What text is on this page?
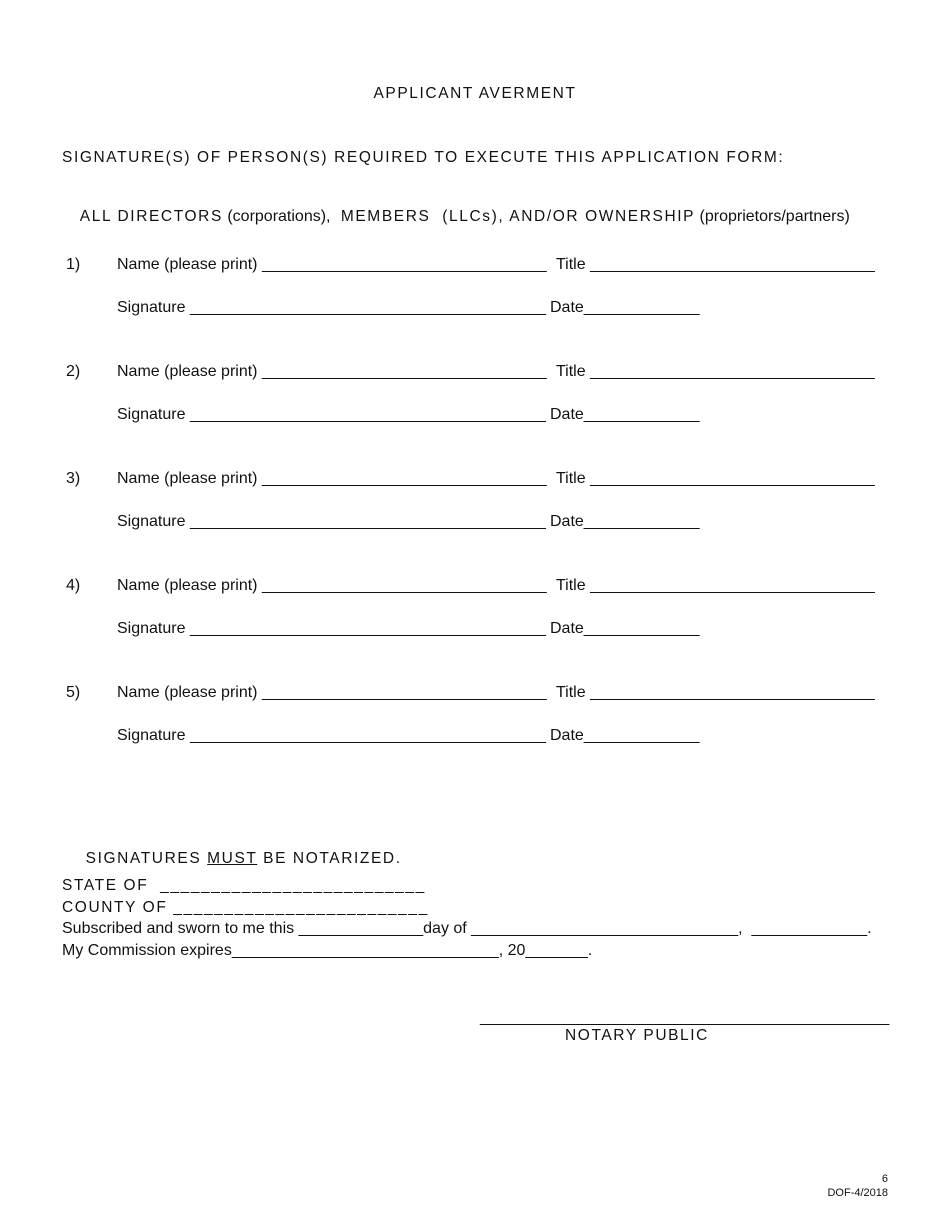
APPLICANT AVERMENT
SIGNATURE(S) OF PERSON(S) REQUIRED TO EXECUTE THIS APPLICATION FORM:

ALL DIRECTORS (corporations),  MEMBERS  (LLCs), AND/OR OWNERSHIP (proprietors/partners)

1) Name (please print) ________________________________ Title ________________________________
Signature ________________________________________ Date_____________
2) Name (please print) ________________________________ Title ________________________________
Signature ________________________________________ Date_____________
3) Name (please print) ________________________________ Title ________________________________
Signature ________________________________________ Date_____________
4) Name (please print) ________________________________ Title ________________________________
Signature ________________________________________ Date_____________
5) Name (please print) ________________________________ Title ________________________________
Signature ________________________________________ Date_____________

SIGNATURES MUST BE NOTARIZED.

STATE OF  __________________________
COUNTY OF _________________________
Subscribed and sworn to me this ______________day of ______________________________,  _____________.
My Commission expires______________________________, 20_______.
______________________________________________
NOTARY PUBLIC
6
DOF-4/2018
